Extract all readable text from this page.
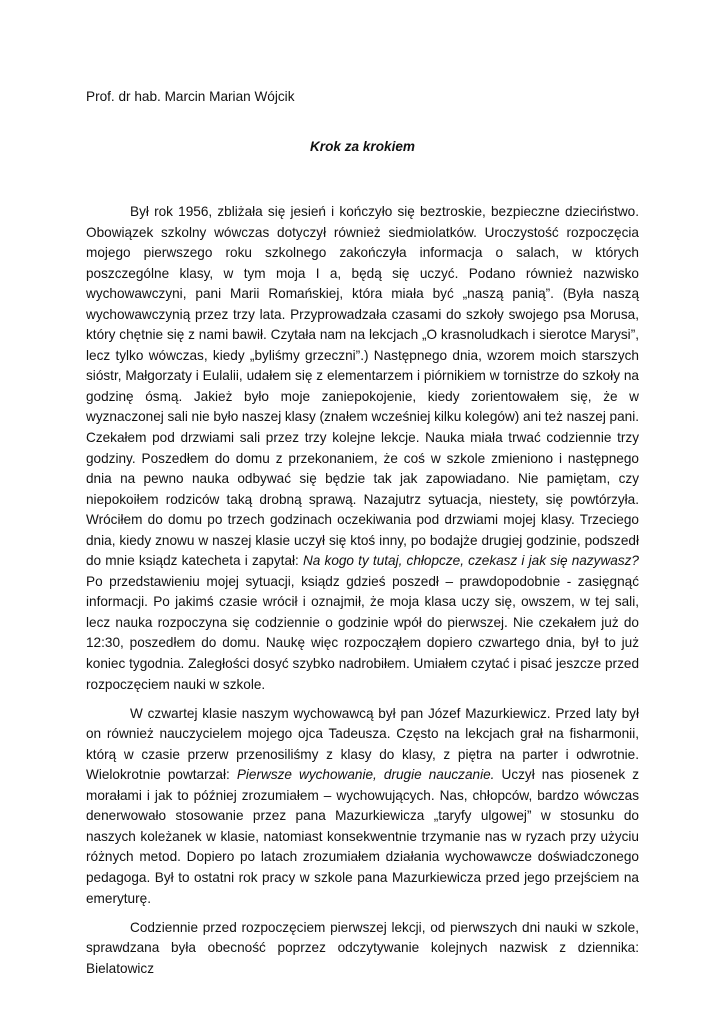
Prof. dr hab. Marcin Marian Wójcik

Krok za krokiem

Był rok 1956, zbliżała się jesień i kończyło się beztroskie, bezpieczne dzieciństwo. Obowiązek szkolny wówczas dotyczył również siedmiolatków. Uroczystość rozpoczęcia mojego pierwszego roku szkolnego zakończyła informacja o salach, w których poszczególne klasy, w tym moja I a, będą się uczyć. Podano również nazwisko wychowawczyni, pani Marii Romańskiej, która miała być „naszą panią”. (Była naszą wychowawczynią przez trzy lata. Przyprowadzała czasami do szkoły swojego psa Morusa, który chętnie się z nami bawił. Czytała nam na lekcjach „O krasnoludkach i sierotce Marysi”, lecz tylko wówczas, kiedy „byliśmy grzeczni”.) Następnego dnia, wzorem moich starszych sióstr, Małgorzaty i Eulalii, udałem się z elementarzem i piórnikiem w tornistrze do szkoły na godzinę ósmą. Jakież było moje zaniepokojenie, kiedy zorientowałem się, że w wyznaczonej sali nie było naszej klasy (znałem wcześniej kilku kolegów) ani też naszej pani. Czekałem pod drzwiami sali przez trzy kolejne lekcje. Nauka miała trwać codziennie trzy godziny. Poszedłem do domu z przekonaniem, że coś w szkole zmieniono i następnego dnia na pewno nauka odbywać się będzie tak jak zapowiadano. Nie pamiętam, czy niepokoiłem rodziców taką drobną sprawą. Nazajutrz sytuacja, niestety, się powtórzyła. Wróciłem do domu po trzech godzinach oczekiwania pod drzwiami mojej klasy. Trzeciego dnia, kiedy znowu w naszej klasie uczył się ktoś inny, po bodajże drugiej godzinie, podszedł do mnie ksiądz katecheta i zapytał: Na kogo ty tutaj, chłopcze, czekasz i jak się nazywasz? Po przedstawieniu mojej sytuacji, ksiądz gdzieś poszedł – prawdopodobnie - zasięgnąć informacji. Po jakimś czasie wrócił i oznajmił, że moja klasa uczy się, owszem, w tej sali, lecz nauka rozpoczyna się codziennie o godzinie wpół do pierwszej. Nie czekałem już do 12:30, poszedłem do domu. Naukę więc rozpocząłem dopiero czwartego dnia, był to już koniec tygodnia. Zaległości dosyć szybko nadrobiłem. Umiałem czytać i pisać jeszcze przed rozpoczęciem nauki w szkole.

W czwartej klasie naszym wychowawcą był pan Józef Mazurkiewicz. Przed laty był on również nauczycielem mojego ojca Tadeusza. Często na lekcjach grał na fisharmonii, którą w czasie przerw przenosiliśmy z klasy do klasy, z piętra na parter i odwrotnie. Wielokrotnie powtarzał: Pierwsze wychowanie, drugie nauczanie. Uczył nas piosenek z morałami i jak to później zrozumiałem – wychowujących. Nas, chłopców, bardzo wówczas denerwowało stosowanie przez pana Mazurkiewicza „taryfy ulgowej” w stosunku do naszych koleżanek w klasie, natomiast konsekwentnie trzymanie nas w ryzach przy użyciu różnych metod. Dopiero po latach zrozumiałem działania wychowawcze doświadczonego pedagoga. Był to ostatni rok pracy w szkole pana Mazurkiewicza przed jego przejściem na emeryturę.

Codziennie przed rozpoczęciem pierwszej lekcji, od pierwszych dni nauki w szkole, sprawdzana była obecność poprzez odczytywanie kolejnych nazwisk z dziennika: Bielatowicz
